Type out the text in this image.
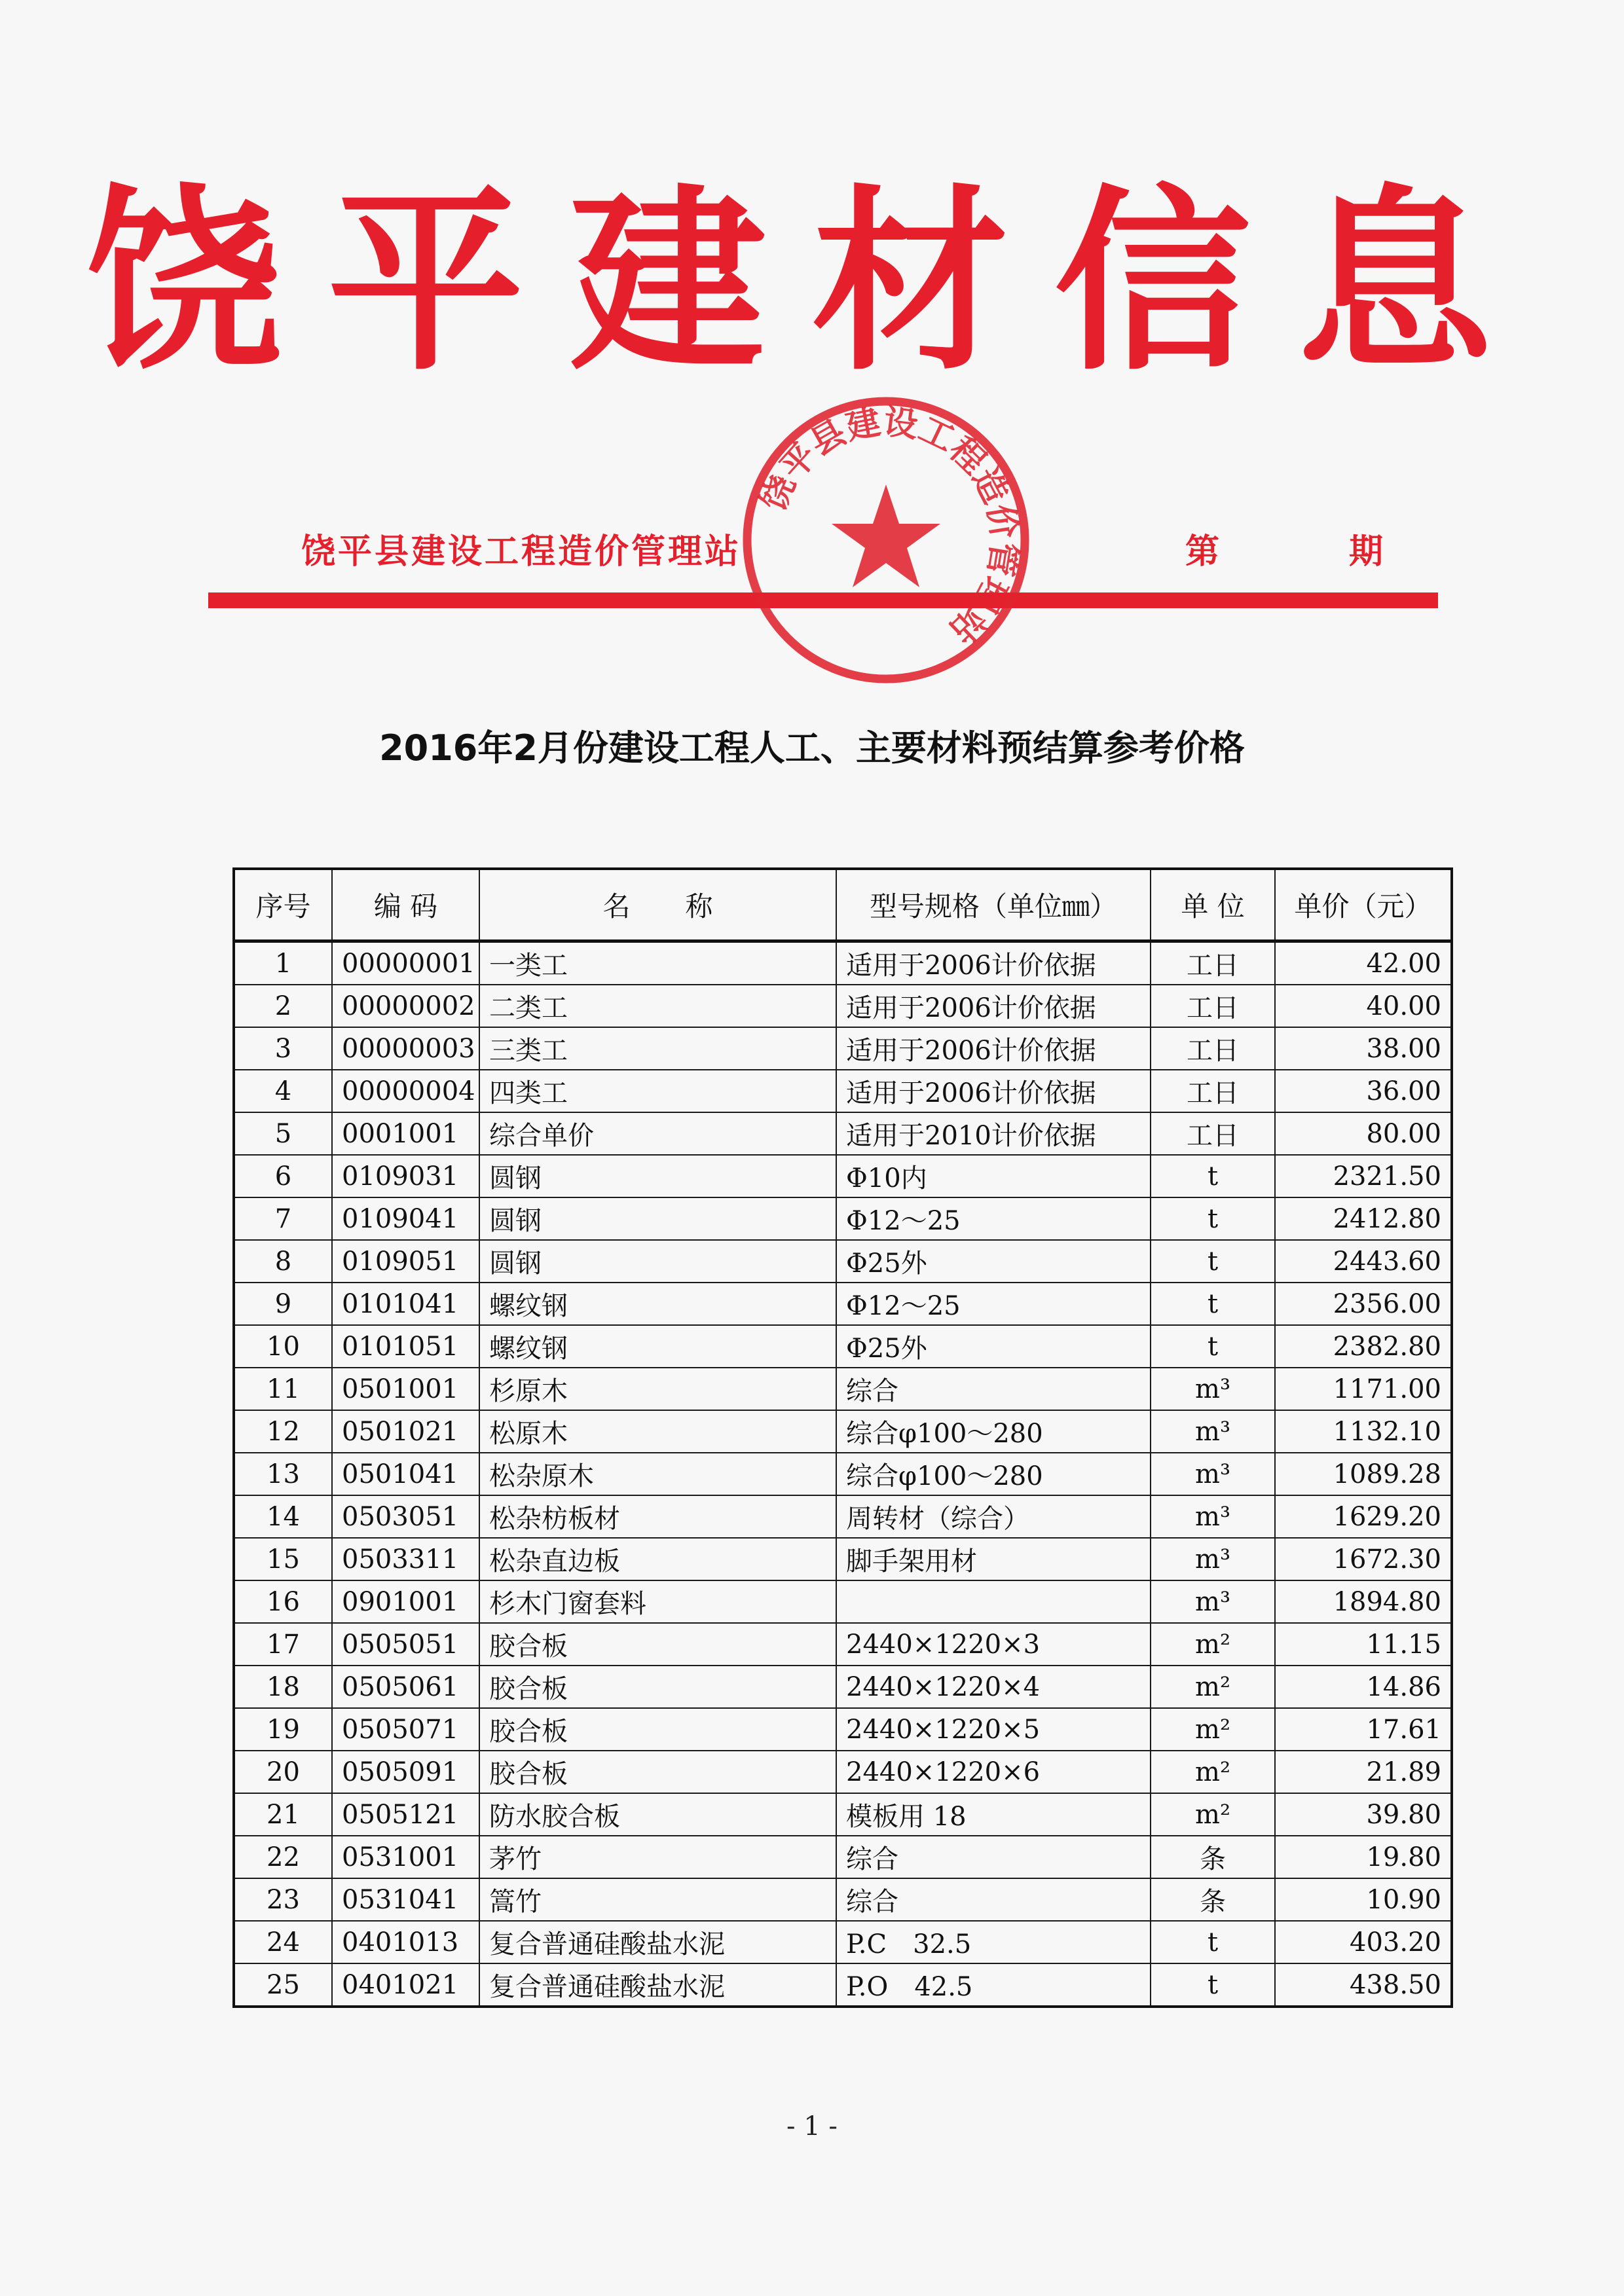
饶平建材信息
饶平县建设工程造价管理站	第	期
饶平县建设工程造价管理站
2016年2月份建设工程人工、主要材料预结算参考价格
序号	编 码	名　　称	型号规格（单位㎜）	单 位	单价（元）
1	00000001	一类工	适用于2006计价依据	工日	42.00
2	00000002	二类工	适用于2006计价依据	工日	40.00
3	00000003	三类工	适用于2006计价依据	工日	38.00
4	00000004	四类工	适用于2006计价依据	工日	36.00
5	0001001	综合单价	适用于2010计价依据	工日	80.00
6	0109031	圆钢	Φ10内	t	2321.50
7	0109041	圆钢	Φ12～25	t	2412.80
8	0109051	圆钢	Φ25外	t	2443.60
9	0101041	螺纹钢	Φ12～25	t	2356.00
10	0101051	螺纹钢	Φ25外	t	2382.80
11	0501001	杉原木	综合	m³	1171.00
12	0501021	松原木	综合φ100～280	m³	1132.10
13	0501041	松杂原木	综合φ100～280	m³	1089.28
14	0503051	松杂枋板材	周转材（综合）	m³	1629.20
15	0503311	松杂直边板	脚手架用材	m³	1672.30
16	0901001	杉木门窗套料		m³	1894.80
17	0505051	胶合板	2440×1220×3	m²	11.15
18	0505061	胶合板	2440×1220×4	m²	14.86
19	0505071	胶合板	2440×1220×5	m²	17.61
20	0505091	胶合板	2440×1220×6	m²	21.89
21	0505121	防水胶合板	模板用 18	m²	39.80
22	0531001	茅竹	综合	条	19.80
23	0531041	篙竹	综合	条	10.90
24	0401013	复合普通硅酸盐水泥	P.C　32.5	t	403.20
25	0401021	复合普通硅酸盐水泥	P.O　42.5	t	438.50
- 1 -
